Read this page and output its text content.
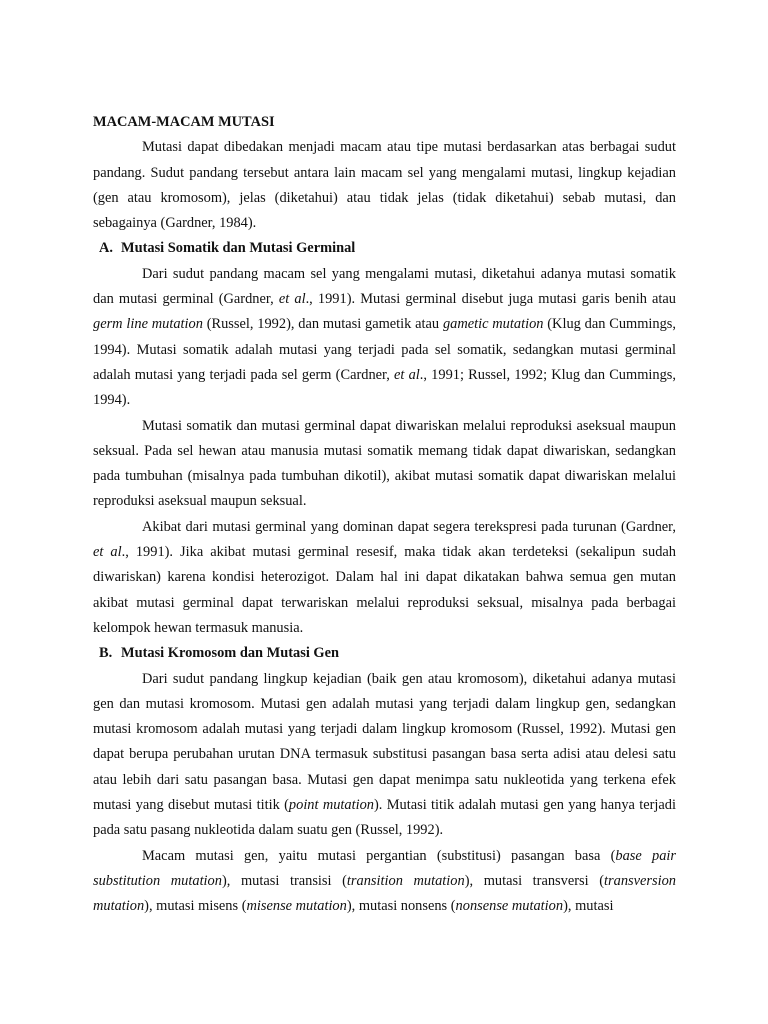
MACAM-MACAM MUTASI

Mutasi dapat dibedakan menjadi macam atau tipe mutasi berdasarkan atas berbagai sudut pandang. Sudut pandang tersebut antara lain macam sel yang mengalami mutasi, lingkup kejadian (gen atau kromosom), jelas (diketahui) atau tidak jelas (tidak diketahui) sebab mutasi, dan sebagainya (Gardner, 1984).

A. Mutasi Somatik dan Mutasi Germinal

Dari sudut pandang macam sel yang mengalami mutasi, diketahui adanya mutasi somatik dan mutasi germinal (Gardner, et al., 1991). Mutasi germinal disebut juga mutasi garis benih atau germ line mutation (Russel, 1992), dan mutasi gametik atau gametic mutation (Klug dan Cummings, 1994). Mutasi somatik adalah mutasi yang terjadi pada sel somatik, sedangkan mutasi germinal adalah mutasi yang terjadi pada sel germ (Cardner, et al., 1991; Russel, 1992; Klug dan Cummings, 1994).

Mutasi somatik dan mutasi germinal dapat diwariskan melalui reproduksi aseksual maupun seksual. Pada sel hewan atau manusia mutasi somatik memang tidak dapat diwariskan, sedangkan pada tumbuhan (misalnya pada tumbuhan dikotil), akibat mutasi somatik dapat diwariskan melalui reproduksi aseksual maupun seksual.

Akibat dari mutasi germinal yang dominan dapat segera terekspresi pada turunan (Gardner, et al., 1991). Jika akibat mutasi germinal resesif, maka tidak akan terdeteksi (sekalipun sudah diwariskan) karena kondisi heterozigot. Dalam hal ini dapat dikatakan bahwa semua gen mutan akibat mutasi germinal dapat terwariskan melalui reproduksi seksual, misalnya pada berbagai kelompok hewan termasuk manusia.

B. Mutasi Kromosom dan Mutasi Gen

Dari sudut pandang lingkup kejadian (baik gen atau kromosom), diketahui adanya mutasi gen dan mutasi kromosom. Mutasi gen adalah mutasi yang terjadi dalam lingkup gen, sedangkan mutasi kromosom adalah mutasi yang terjadi dalam lingkup kromosom (Russel, 1992). Mutasi gen dapat berupa perubahan urutan DNA termasuk substitusi pasangan basa serta adisi atau delesi satu atau lebih dari satu pasangan basa. Mutasi gen dapat menimpa satu nukleotida yang terkena efek mutasi yang disebut mutasi titik (point mutation). Mutasi titik adalah mutasi gen yang hanya terjadi pada satu pasang nukleotida dalam suatu gen (Russel, 1992).

Macam mutasi gen, yaitu mutasi pergantian (substitusi) pasangan basa (base pair substitution mutation), mutasi transisi (transition mutation), mutasi transversi (transversion mutation), mutasi misens (misense mutation), mutasi nonsens (nonsense mutation), mutasi
